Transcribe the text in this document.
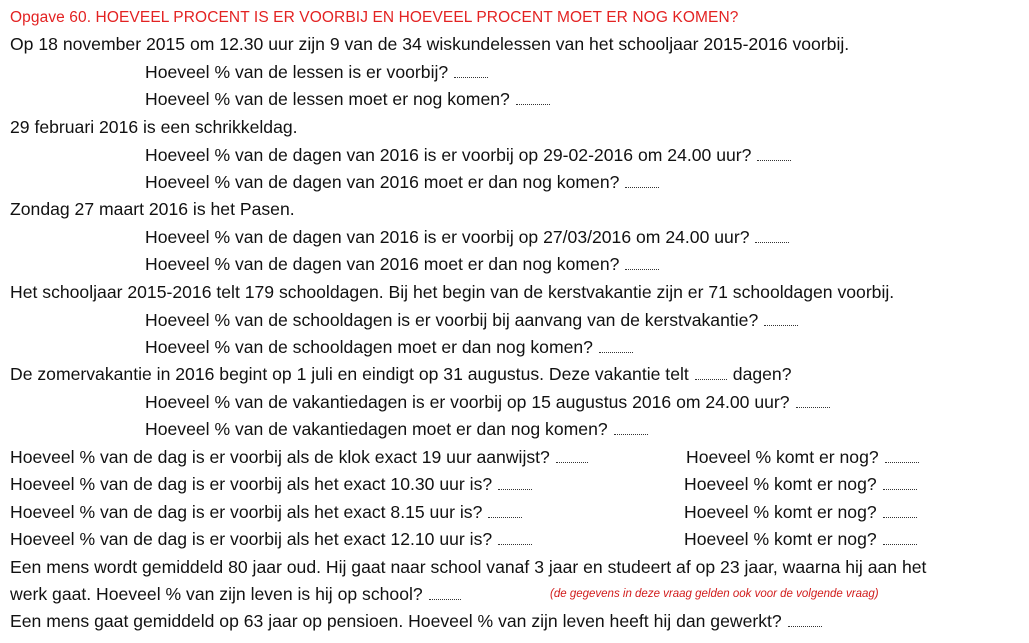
Opgave 60. HOEVEEL PROCENT IS ER VOORBIJ EN HOEVEEL PROCENT MOET ER NOG KOMEN?
Op 18 november 2015 om 12.30 uur zijn 9 van de 34 wiskundelessen van het schooljaar 2015-2016 voorbij.
Hoeveel % van de lessen is er voorbij?
Hoeveel % van de lessen moet er nog komen?
29 februari 2016 is een schrikkeldag.
Hoeveel % van de dagen van 2016 is er voorbij op 29-02-2016 om 24.00 uur?
Hoeveel % van de dagen van 2016 moet er dan nog komen?
Zondag 27 maart 2016 is het Pasen.
Hoeveel % van de dagen van 2016 is er voorbij op 27/03/2016 om 24.00 uur?
Hoeveel % van de dagen van 2016 moet er dan nog komen?
Het schooljaar 2015-2016 telt 179 schooldagen. Bij het begin van de kerstvakantie zijn er 71 schooldagen voorbij.
Hoeveel % van de schooldagen is er voorbij bij aanvang van de kerstvakantie?
Hoeveel % van de schooldagen moet er dan nog komen?
De zomervakantie in 2016 begint op 1 juli en eindigt op 31 augustus. Deze vakantie telt	dagen?
Hoeveel % van de vakantiedagen is er voorbij op 15 augustus 2016 om 24.00 uur?
Hoeveel % van de vakantiedagen moet er dan nog komen?
Hoeveel % van de dag is er voorbij als de klok exact 19 uur aanwijst?	Hoeveel % komt er nog?
Hoeveel % van de dag is er voorbij als het exact 10.30 uur is?	Hoeveel % komt er nog?
Hoeveel % van de dag is er voorbij als het exact 8.15 uur is?	Hoeveel % komt er nog?
Hoeveel % van de dag is er voorbij als het exact 12.10 uur is?	Hoeveel % komt er nog?
Een mens wordt gemiddeld 80 jaar oud. Hij gaat naar school vanaf 3 jaar en studeert af op 23 jaar, waarna hij aan het
werk gaat. Hoeveel % van zijn leven is hij op school?	(de gegevens in deze vraag gelden ook voor de volgende vraag)
Een mens gaat gemiddeld op 63 jaar op pensioen. Hoeveel % van zijn leven heeft hij dan gewerkt?
